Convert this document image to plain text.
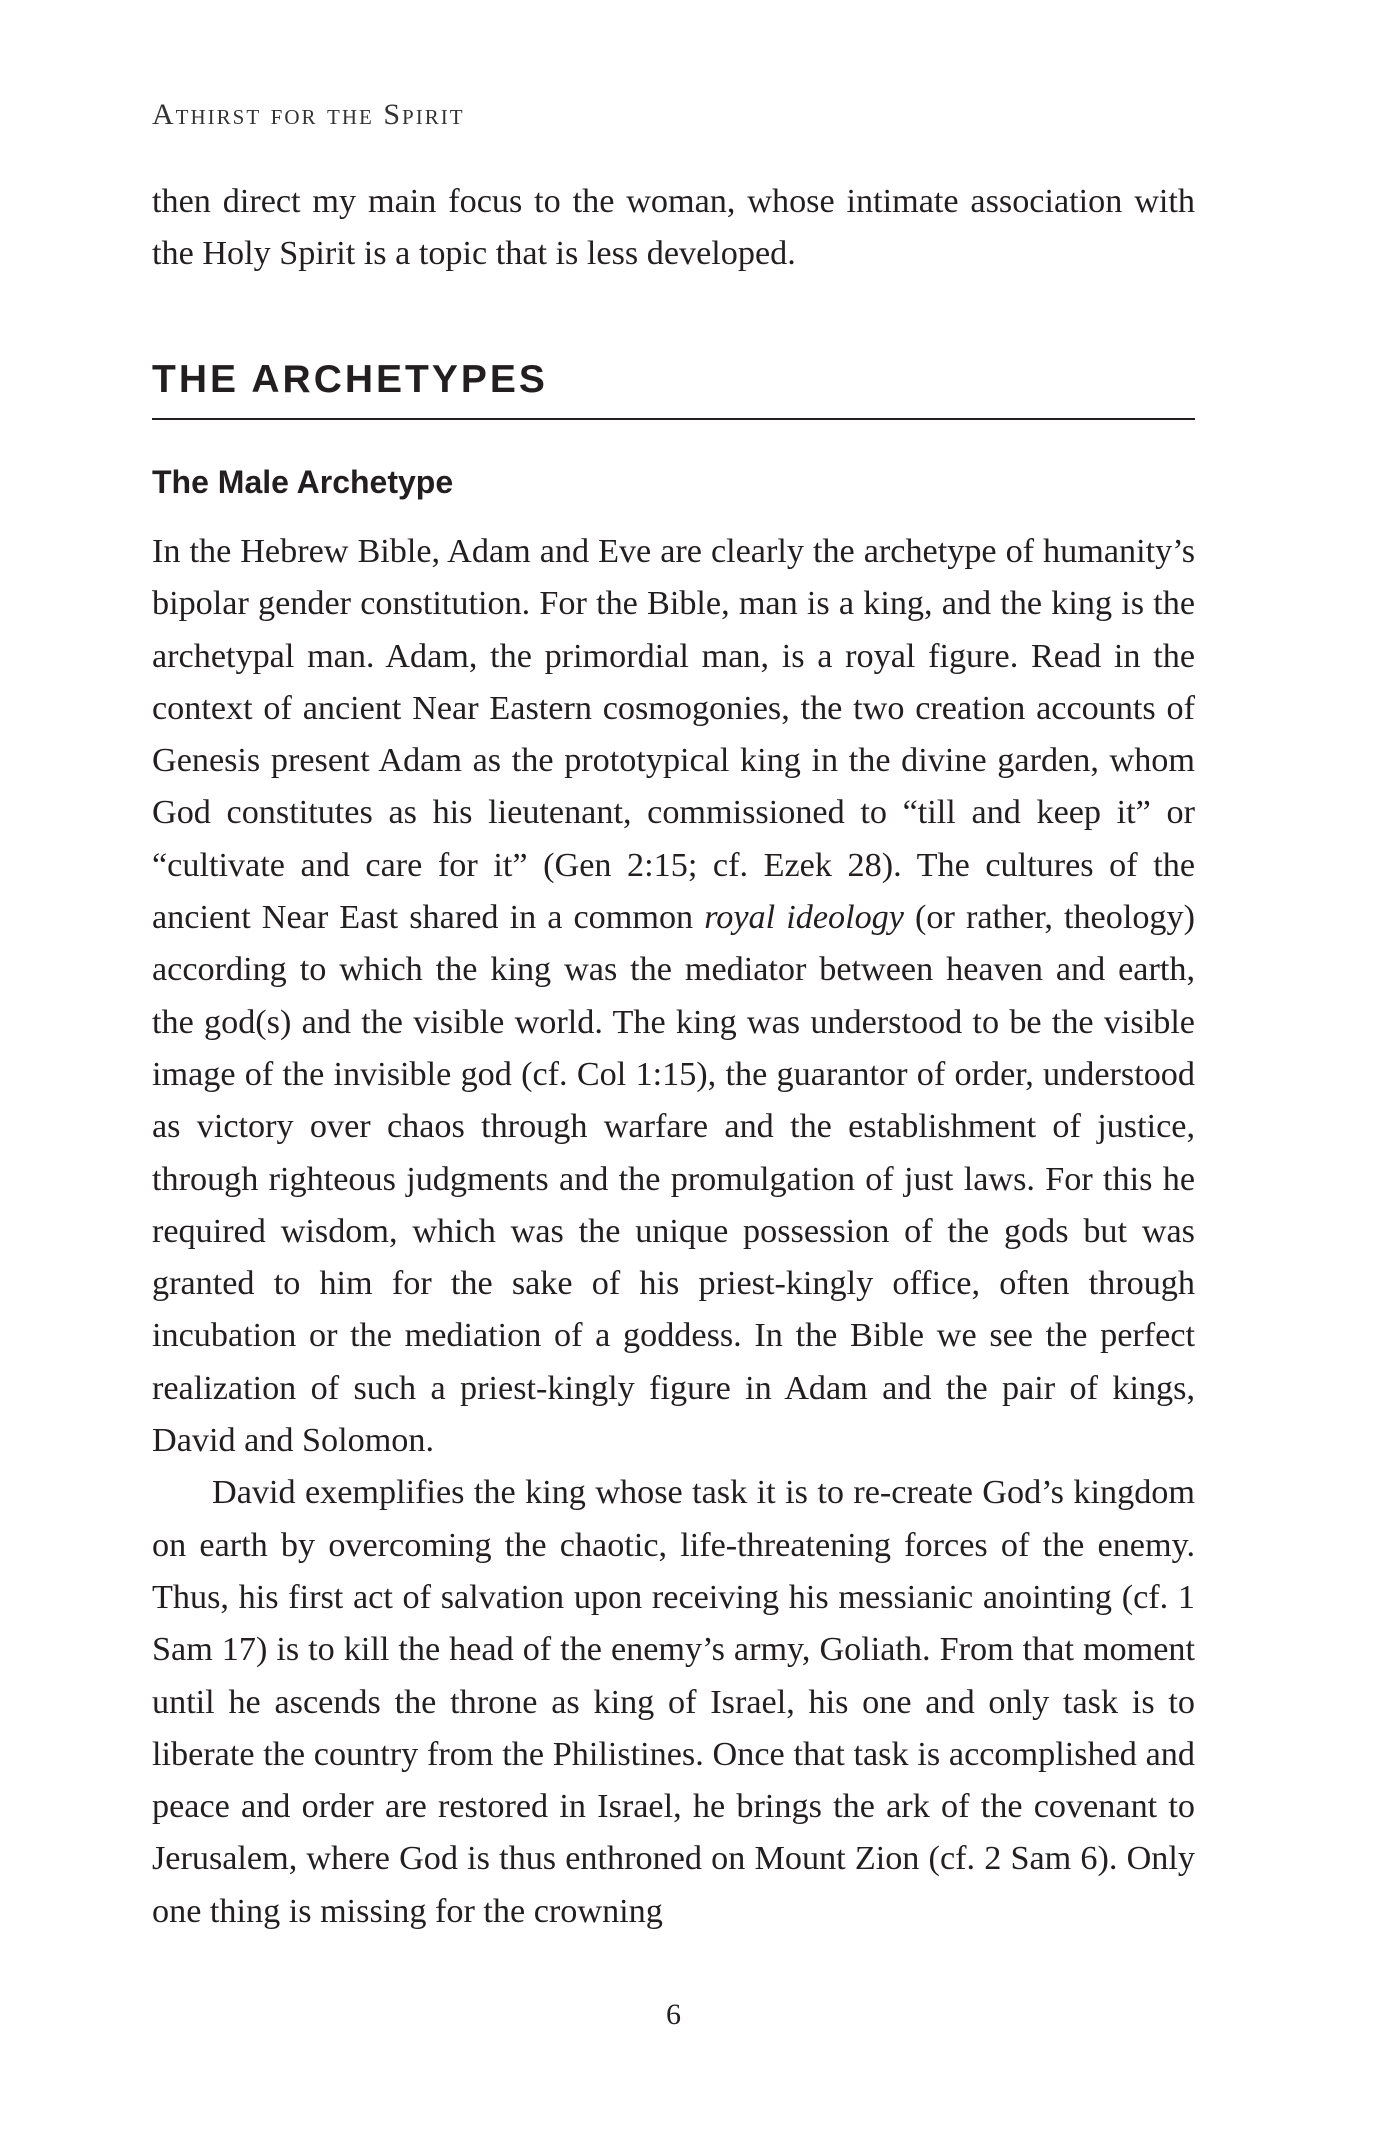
Athirst for the Spirit

then direct my main focus to the woman, whose intimate association with the Holy Spirit is a topic that is less developed.

THE ARCHETYPES
The Male Archetype

In the Hebrew Bible, Adam and Eve are clearly the archetype of humanity’s bipolar gender constitution. For the Bible, man is a king, and the king is the archetypal man. Adam, the primordial man, is a royal figure. Read in the context of ancient Near Eastern cosmogonies, the two creation accounts of Genesis present Adam as the prototypical king in the divine garden, whom God constitutes as his lieutenant, commissioned to “till and keep it” or “cultivate and care for it” (Gen 2:15; cf. Ezek 28). The cultures of the ancient Near East shared in a common royal ideology (or rather, theology) according to which the king was the mediator between heaven and earth, the god(s) and the visible world. The king was understood to be the visible image of the invisible god (cf. Col 1:15), the guarantor of order, understood as victory over chaos through warfare and the establishment of justice, through righteous judgments and the promulgation of just laws. For this he required wisdom, which was the unique possession of the gods but was granted to him for the sake of his priest-kingly office, often through incubation or the mediation of a goddess. In the Bible we see the perfect realization of such a priest-kingly figure in Adam and the pair of kings, David and Solomon.

David exemplifies the king whose task it is to re-create God’s kingdom on earth by overcoming the chaotic, life-threatening forces of the enemy. Thus, his first act of salvation upon receiving his messianic anointing (cf. 1 Sam 17) is to kill the head of the enemy’s army, Goliath. From that moment until he ascends the throne as king of Israel, his one and only task is to liberate the country from the Philistines. Once that task is accomplished and peace and order are restored in Israel, he brings the ark of the covenant to Jerusalem, where God is thus enthroned on Mount Zion (cf. 2 Sam 6). Only one thing is missing for the crowning

6
